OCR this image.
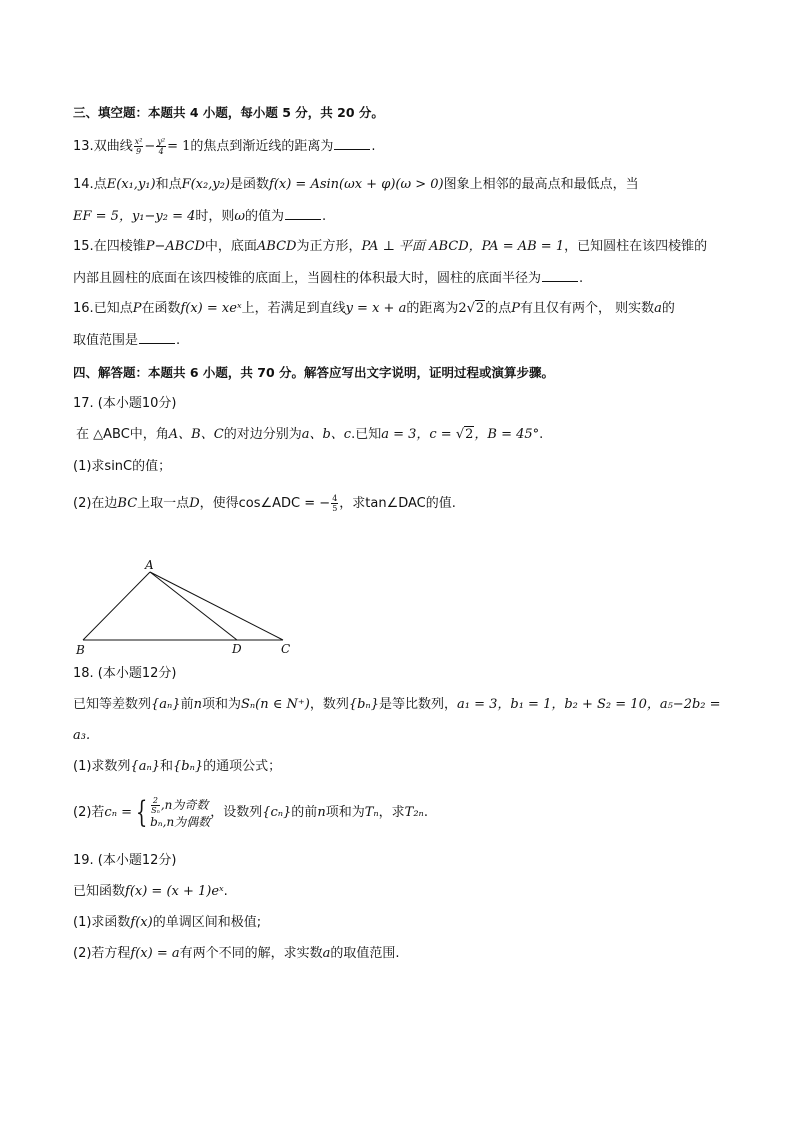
三、填空题：本题共 4 小题，每小题 5 分，共 20 分。
13.双曲线 $\frac{\text{x²}}{9} - \frac{\text{y²}}{4} = 1$的焦点到渐近线的距离为	.
14.点E(x₁,y₁)和点F(x₂,y₂)是函数f(x) = Asin(ωx + φ)(ω > 0)图象上相邻的最高点和最低点，当
EF = 5，y₁−y₂ = 4时，则ω的值为	.
15.在四棱锥P−ABCD中，底面ABCD为正方形，PA ⊥ 平面 ABCD，PA = AB = 1，已知圆柱在该四棱锥的
内部且圆柱的底面在该四棱锥的底面上，当圆柱的体积最大时，圆柱的底面半径为	.
16.已知点P在函数f(x) = xeˣ上，若满足到直线y = x + a的距离为2√2的点P有且仅有两个， 则实数a的
取值范围是	.
四、解答题：本题共 6 小题，共 70 分。解答应写出文字说明，证明过程或演算步骤。
17. (本小题10分)
在 △ABC中，角A、B、C的对边分别为a、b、c.已知a = 3，c = √2，B = 45°.
(1)求sinC的值；
(2)在边BC上取一点D，使得cos∠ADC = − $\frac{4}{5}$ ，求tan∠DAC的值.
A
B	D	C
18. (本小题12分)
已知等差数列{aₙ}前n项和为Sₙ(n ∈ N⁺)，数列{bₙ}是等比数列，a₁ = 3，b₁ = 1，b₂ + S₂ = 10，a₅−2b₂ =
a₃.
(1)求数列{aₙ}和{bₙ}的通项公式；
(2)若cₙ = { $\frac{2}{\text{Sₙ}} ,n$为奇数
bₙ,n为偶数
，设数列{cₙ}的前n项和为Tₙ，求T₂ₙ.
19. (本小题12分)
已知函数f(x) = (x + 1)eˣ.
(1)求函数f(x)的单调区间和极值;
(2)若方程f(x) = a有两个不同的解，求实数a的取值范围.
